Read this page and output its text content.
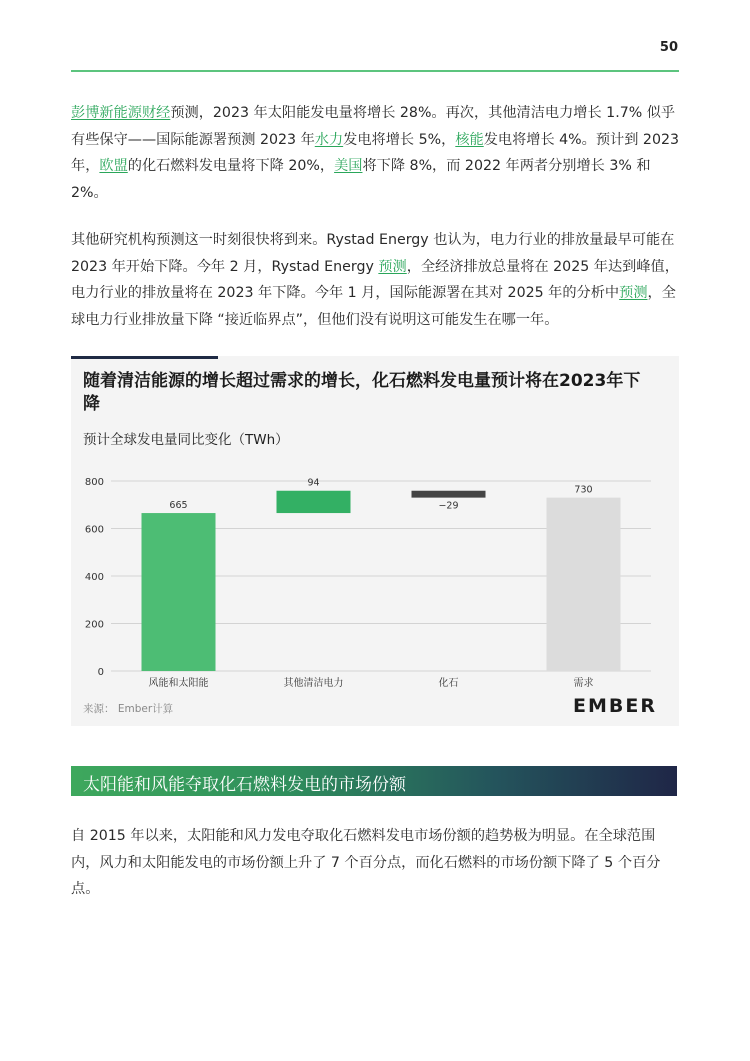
50

彭博新能源财经预测，2023 年太阳能发电量将增长 28%。再次，其他清洁电力增长 1.7% 似乎有些保守——国际能源署预测 2023 年水力发电将增长 5%，核能发电将增长 4%。预计到 2023 年，欧盟的化石燃料发电量将下降 20%，美国将下降 8%，而 2022 年两者分别增长 3% 和 2%。

其他研究机构预测这一时刻很快将到来。Rystad Energy 也认为，电力行业的排放量最早可能在 2023 年开始下降。今年 2 月，Rystad Energy 预测，全经济排放总量将在 2025 年达到峰值，电力行业的排放量将在 2023 年下降。今年 1 月，国际能源署在其对 2025 年的分析中预测，全球电力行业排放量下降 “接近临界点”，但他们没有说明这可能发生在哪一年。

随着清洁能源的增长超过需求的增长，化石燃料发电量预计将在2023年下降
预计全球发电量同比变化（TWh）
0
200
400
600
800
665
风能和太阳能
94
其他清洁电力
−29
化石
730
需求
来源： Ember计算	EMBER
太阳能和风能夺取化石燃料发电的市场份额

自 2015 年以来，太阳能和风力发电夺取化石燃料发电市场份额的趋势极为明显。在全球范围内，风力和太阳能发电的市场份额上升了 7 个百分点，而化石燃料的市场份额下降了 5 个百分点。
